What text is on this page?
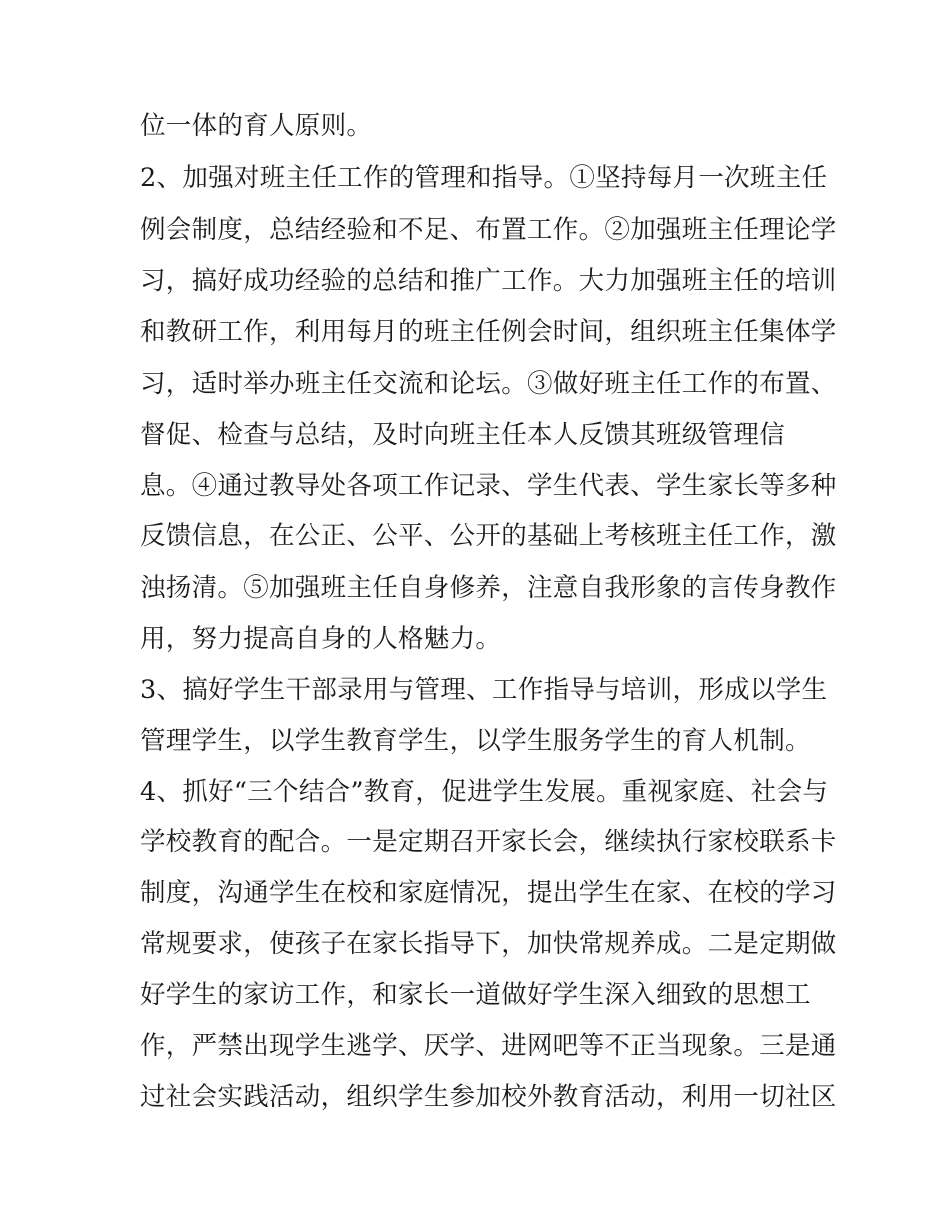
位一体的育人原则。
2、加强对班主任工作的管理和指导。①坚持每月一次班主任
例会制度，总结经验和不足、布置工作。②加强班主任理论学
习，搞好成功经验的总结和推广工作。大力加强班主任的培训
和教研工作，利用每月的班主任例会时间，组织班主任集体学
习，适时举办班主任交流和论坛。③做好班主任工作的布置、
督促、检查与总结，及时向班主任本人反馈其班级管理信
息。④通过教导处各项工作记录、学生代表、学生家长等多种
反馈信息，在公正、公平、公开的基础上考核班主任工作，激
浊扬清。⑤加强班主任自身修养，注意自我形象的言传身教作
用，努力提高自身的人格魅力。
3、搞好学生干部录用与管理、工作指导与培训，形成以学生
管理学生，以学生教育学生，以学生服务学生的育人机制。
4、抓好“三个结合”教育，促进学生发展。重视家庭、社会与
学校教育的配合。一是定期召开家长会，继续执行家校联系卡
制度，沟通学生在校和家庭情况，提出学生在家、在校的学习
常规要求，使孩子在家长指导下，加快常规养成。二是定期做
好学生的家访工作，和家长一道做好学生深入细致的思想工
作，严禁出现学生逃学、厌学、进网吧等不正当现象。三是通
过社会实践活动，组织学生参加校外教育活动，利用一切社区
